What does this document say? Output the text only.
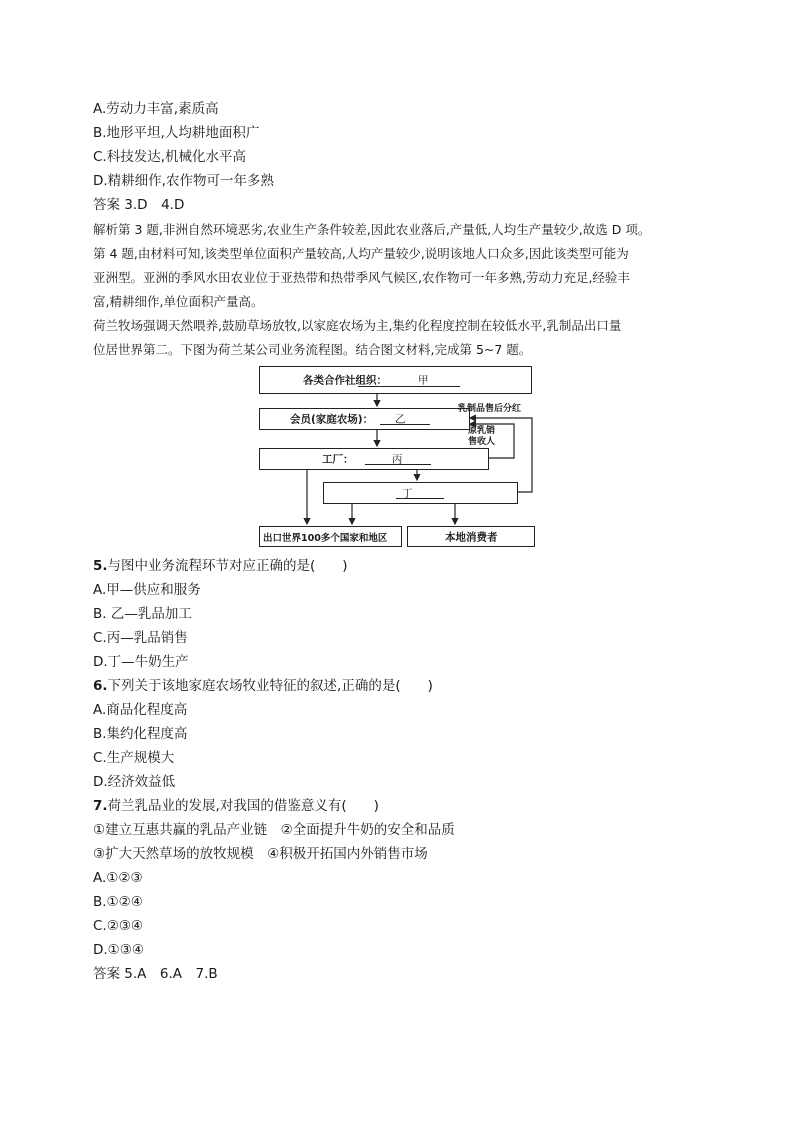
A.劳动力丰富,素质高
B.地形平坦,人均耕地面积广
C.科技发达,机械化水平高
D.精耕细作,农作物可一年多熟
答案 3.D　4.D
解析第 3 题,非洲自然环境恶劣,农业生产条件较差,因此农业落后,产量低,人均生产量较少,故选 D 项。
第 4 题,由材料可知,该类型单位面积产量较高,人均产量较少,说明该地人口众多,因此该类型可能为
亚洲型。亚洲的季风水田农业位于亚热带和热带季风气候区,农作物可一年多熟,劳动力充足,经验丰
富,精耕细作,单位面积产量高。
荷兰牧场强调天然喂养,鼓励草场放牧,以家庭农场为主,集约化程度控制在较低水平,乳制品出口量
位居世界第二。下图为荷兰某公司业务流程图。结合图文材料,完成第 5~7 题。
各类合作社组织：	甲
会员(家庭农场)： 乙
乳制品售后分红
原乳销
售收人
工厂：	丙
丁
出口世界100多个国家和地区	本地消费者
5.与图中业务流程环节对应正确的是(　　)
A.甲—供应和服务
B. 乙—乳品加工
C.丙—乳品销售
D.丁—牛奶生产
6.下列关于该地家庭农场牧业特征的叙述,正确的是(　　)
A.商品化程度高
B.集约化程度高
C.生产规模大
D.经济效益低
7.荷兰乳品业的发展,对我国的借鉴意义有(　　)
①建立互惠共赢的乳品产业链　②全面提升牛奶的安全和品质
③扩大天然草场的放牧规模　④积极开拓国内外销售市场
A.①②③
B.①②④
C.②③④
D.①③④
答案 5.A　6.A　7.B
